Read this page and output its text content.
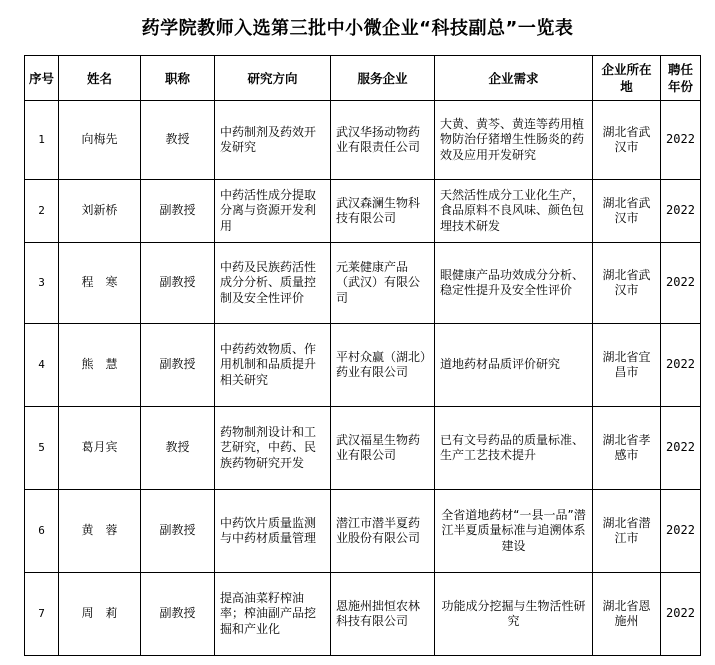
药学院教师入选第三批中小微企业“科技副总”一览表
序号	姓名	职称	研究方向	服务企业	企业需求	企业所在地	聘任年份
1	向梅先	教授	中药制剂及药效开发研究	武汉华扬动物药业有限责任公司	大黄、黄芩、黄连等药用植物防治仔猪增生性肠炎的药效及应用开发研究	湖北省武汉市	2022
2	刘新桥	副教授	中药活性成分提取分离与资源开发利用	武汉森澜生物科技有限公司	天然活性成分工业化生产，食品原料不良风味、颜色包埋技术研发	湖北省武汉市	2022
3	程　寒	副教授	中药及民族药活性成分分析、质量控制及安全性评价	元莱健康产品（武汉）有限公司	眼健康产品功效成分分析、稳定性提升及安全性评价	湖北省武汉市	2022
4	熊　慧	副教授	中药药效物质、作用机制和品质提升相关研究	平村众赢（湖北）药业有限公司	道地药材品质评价研究	湖北省宜昌市	2022
5	葛月宾	教授	药物制剂设计和工艺研究，中药、民族药物研究开发	武汉福星生物药业有限公司	已有文号药品的质量标准、生产工艺技术提升	湖北省孝感市	2022
6	黄　蓉	副教授	中药饮片质量监测与中药材质量管理	潜江市潜半夏药业股份有限公司	全省道地药材“一县一品”潜江半夏质量标准与追溯体系建设	湖北省潜江市	2022
7	周　莉	副教授	提高油菜籽榨油率；榨油副产品挖掘和产业化	恩施州拙恒农林科技有限公司	功能成分挖掘与生物活性研究	湖北省恩施州	2022
